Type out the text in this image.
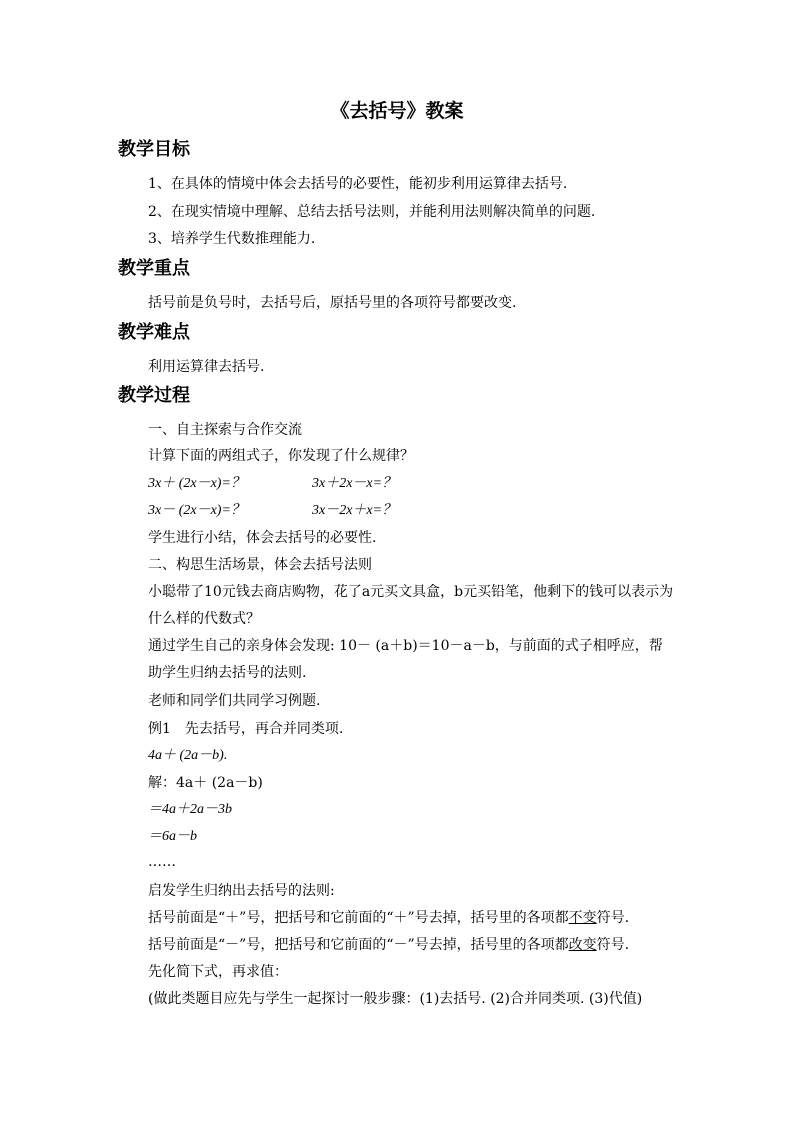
《去括号》教案
教学目标
1、在具体的情境中体会去括号的必要性，能初步利用运算律去括号.
2、在现实情境中理解、总结去括号法则，并能利用法则解决简单的问题.
3、培养学生代数推理能力.
教学重点
括号前是负号时，去括号后，原括号里的各项符号都要改变.
教学难点
利用运算律去括号.
教学过程
一、自主探索与合作交流
计算下面的两组式子，你发现了什么规律？
3x＋ (2x－x)=？	3x＋2x－x=？
3x－ (2x－x)=？	3x－2x＋x=？
学生进行小结，体会去括号的必要性.
二、构思生活场景，体会去括号法则
小聪带了10元钱去商店购物，花了a元买文具盒，b元买铅笔，他剩下的钱可以表示为什么样的代数式？
通过学生自己的亲身体会发现: 10－ (a＋b)＝10－a－b，与前面的式子相呼应，帮助学生归纳去括号的法则.
老师和同学们共同学习例题.
例1　先去括号，再合并同类项.
4a＋ (2a－b).
解：4a＋ (2a－b)
＝4a＋2a－3b
＝6a－b
……
启发学生归纳出去括号的法则:
括号前面是“＋”号，把括号和它前面的“＋”号去掉，括号里的各项都不变符号.
括号前面是“－”号，把括号和它前面的“－”号去掉，括号里的各项都改变符号.
先化简下式，再求值：
(做此类题目应先与学生一起探讨一般步骤：(1)去括号. (2)合并同类项. (3)代值)
